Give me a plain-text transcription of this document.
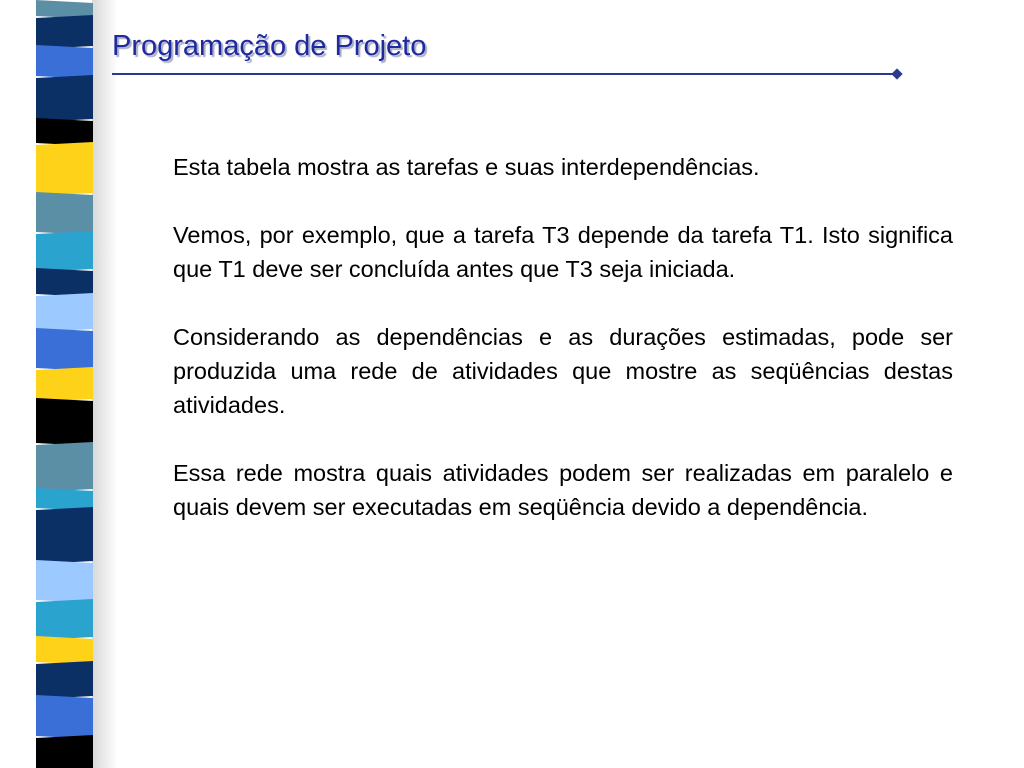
Programação de Projeto

Esta tabela mostra as tarefas e suas interdependências.

Vemos, por exemplo, que a tarefa T3 depende da tarefa T1. Isto significa que T1 deve ser concluída antes que T3 seja iniciada.

Considerando as dependências e as durações estimadas, pode ser produzida uma rede de atividades que mostre as seqüências destas atividades.

Essa rede mostra quais atividades podem ser realizadas em paralelo e quais devem ser executadas em seqüência devido a dependência.
